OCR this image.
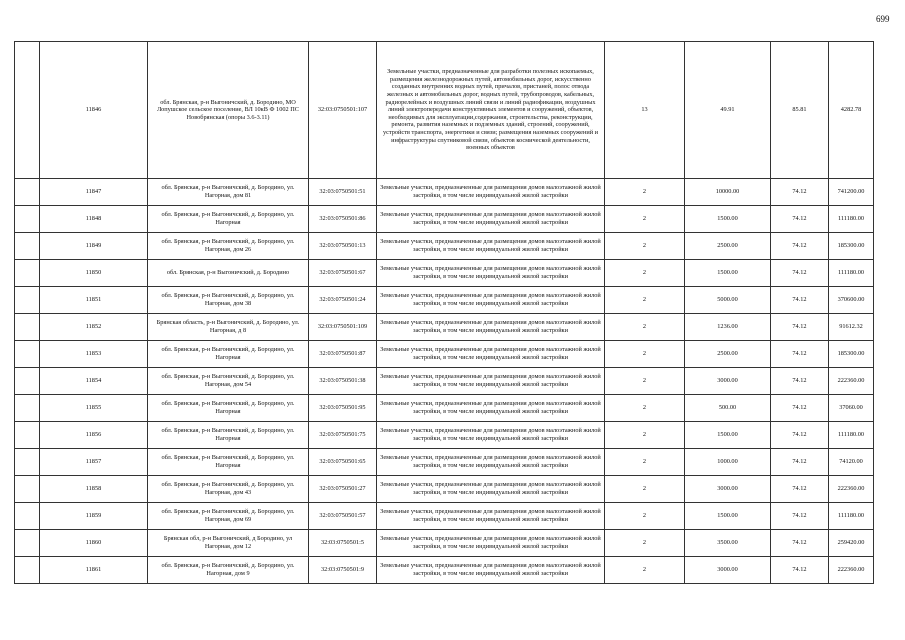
699
	11846	обл. Брянская, р-н Выгоничский, д. Бородино, МО Лопушское сельское поселение, ВЛ 10кВ Ф 1002 ПС Новобрянская (опоры 3.6-3.11)	32:03:0750501:107	Земельные участки, предназначенные для разработки полезных ископаемых, размещения железнодорожных путей, автомобильных дорог, искусственно созданных внутренних водных путей, причалов, пристаней, полос отвода железных и автомобильных дорог, водных путей, трубопроводов, кабельных, радиорелейных и воздушных линий связи и линий радиофикации, воздушных линий электропередачи конструктивных элементов и сооружений, объектов, необходимых для эксплуатации,содержания, строительства, реконструкции, ремонта, развития наземных и подземных зданий, строений, сооружений, устройств транспорта, энергетики и связи; размещения наземных сооружений и инфраструктуры спутниковой связи, объектов космической деятельности, военных объектов	13	49.91	85.81	4282.78
	11847	обл. Брянская, р-н Выгоничский, д. Бородино, ул. Нагорная, дом 81	32:03:0750501:51	Земельные участки, предназначенные для размещения домов малоэтажной жилой застройки, в том числе индивидуальной жилой застройки	2	10000.00	74.12	741200.00
	11848	обл. Брянская, р-н Выгоничский, д. Бородино, ул. Нагорная	32:03:0750501:86	Земельные участки, предназначенные для размещения домов малоэтажной жилой застройки, в том числе индивидуальной жилой застройки	2	1500.00	74.12	111180.00
	11849	обл. Брянская, р-н Выгоничский, д. Бородино, ул. Нагорная, дом 26	32:03:0750501:13	Земельные участки, предназначенные для размещения домов малоэтажной жилой застройки, в том числе индивидуальной жилой застройки	2	2500.00	74.12	185300.00
	11850	обл. Брянская, р-н Выгоничский, д. Бородино	32:03:0750501:67	Земельные участки, предназначенные для размещения домов малоэтажной жилой застройки, в том числе индивидуальной жилой застройки	2	1500.00	74.12	111180.00
	11851	обл. Брянская, р-н Выгоничский, д. Бородино, ул. Нагорная, дом 38	32:03:0750501:24	Земельные участки, предназначенные для размещения домов малоэтажной жилой застройки, в том числе индивидуальной жилой застройки	2	5000.00	74.12	370600.00
	11852	Брянская область, р-н Выгоничский, д. Бородино, ул. Нагорная, д 8	32:03:0750501:109	Земельные участки, предназначенные для размещения домов малоэтажной жилой застройки, в том числе индивидуальной жилой застройки	2	1236.00	74.12	91612.32
	11853	обл. Брянская, р-н Выгоничский, д. Бородино, ул. Нагорная	32:03:0750501:87	Земельные участки, предназначенные для размещения домов малоэтажной жилой застройки, в том числе индивидуальной жилой застройки	2	2500.00	74.12	185300.00
	11854	обл. Брянская, р-н Выгоничский, д. Бородино, ул. Нагорная, дом 54	32:03:0750501:38	Земельные участки, предназначенные для размещения домов малоэтажной жилой застройки, в том числе индивидуальной жилой застройки	2	3000.00	74.12	222360.00
	11855	обл. Брянская, р-н Выгоничский, д. Бородино, ул. Нагорная	32:03:0750501:95	Земельные участки, предназначенные для размещения домов малоэтажной жилой застройки, в том числе индивидуальной жилой застройки	2	500.00	74.12	37060.00
	11856	обл. Брянская, р-н Выгоничский, д. Бородино, ул. Нагорная	32:03:0750501:75	Земельные участки, предназначенные для размещения домов малоэтажной жилой застройки, в том числе индивидуальной жилой застройки	2	1500.00	74.12	111180.00
	11857	обл. Брянская, р-н Выгоничский, д. Бородино, ул. Нагорная	32:03:0750501:65	Земельные участки, предназначенные для размещения домов малоэтажной жилой застройки, в том числе индивидуальной жилой застройки	2	1000.00	74.12	74120.00
	11858	обл. Брянская, р-н Выгоничский, д. Бородино, ул. Нагорная, дом 43	32:03:0750501:27	Земельные участки, предназначенные для размещения домов малоэтажной жилой застройки, в том числе индивидуальной жилой застройки	2	3000.00	74.12	222360.00
	11859	обл. Брянская, р-н Выгоничский, д. Бородино, ул. Нагорная, дом 69	32:03:0750501:57	Земельные участки, предназначенные для размещения домов малоэтажной жилой застройки, в том числе индивидуальной жилой застройки	2	1500.00	74.12	111180.00
	11860	Брянская обл, р-н Выгоничский, д Бородино, ул Нагорная, дом 12	32:03:0750501:5	Земельные участки, предназначенные для размещения домов малоэтажной жилой застройки, в том числе индивидуальной жилой застройки	2	3500.00	74.12	259420.00
	11861	обл. Брянская, р-н Выгоничский, д. Бородино, ул. Нагорная, дом 9	32:03:0750501:9	Земельные участки, предназначенные для размещения домов малоэтажной жилой застройки, в том числе индивидуальной жилой застройки	2	3000.00	74.12	222360.00
